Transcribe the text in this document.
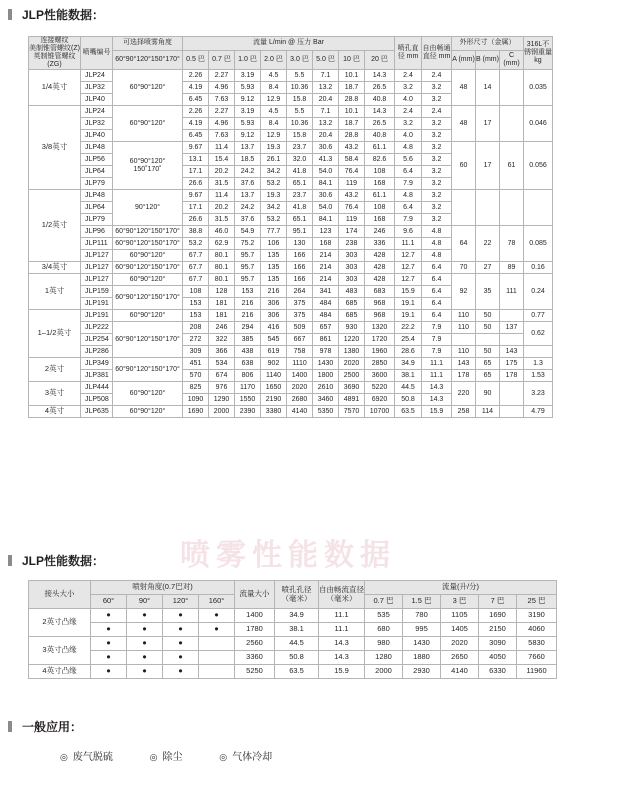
喷雾性能数据
JLP性能数据：
连接螺纹
美制锥管螺纹(Z)
英制锥管螺纹(ZG)	喷嘴编号	可选择喷雾角度	流量 L/min @ 压力 Bar								喷孔直径 mm	自由畅通直径 mm	外形尺寸（金属）			316L不锈钢重量 kg
		60°90°120°150°170°	0.5 巴	0.7 巴	1.0 巴	2.0 巴	3.0 巴	5.0 巴	10 巴	20 巴			A (mm)	B (mm)	C (mm)	
1/4英寸	JLP24	60°90°120°	2.26	2.27	3.19	4.5	5.5	7.1	10.1	14.3	2.4	2.4	48	14		0.035
	JLP32		4.19	4.96	5.93	8.4	10.36	13.2	18.7	26.5	3.2	3.2				
	JLP40		6.45	7.63	9.12	12.9	15.8	20.4	28.8	40.8	4.0	3.2				
3/8英寸	JLP24	60°90°120°	2.26	2.27	3.19	4.5	5.5	7.1	10.1	14.3	2.4	2.4	48	17		0.046
	JLP32		4.19	4.96	5.93	8.4	10.36	13.2	18.7	26.5	3.2	3.2				
	JLP40		6.45	7.63	9.12	12.9	15.8	20.4	28.8	40.8	4.0	3.2				
	JLP48	60°90°120°
150˚170˚	9.67	11.4	13.7	19.3	23.7	30.6	43.2	61.1	4.8	3.2	60	17	61	0.056
	JLP56		13.1	15.4	18.5	26.1	32.0	41.3	58.4	82.6	5.6	3.2				
	JLP64		17.1	20.2	24.2	34.2	41.8	54.0	76.4	108	6.4	3.2				
	JLP79		26.6	31.5	37.6	53.2	65.1	84.1	119	168	7.9	3.2				
1/2英寸	JLP48	90°120°	9.67	11.4	13.7	19.3	23.7	30.6	43.2	61.1	4.8	3.2				
	JLP64		17.1	20.2	24.2	34.2	41.8	54.0	76.4	108	6.4	3.2				
	JLP79		26.6	31.5	37.6	53.2	65.1	84.1	119	168	7.9	3.2				
	JLP96	60°90°120°150°170°	38.8	46.0	54.9	77.7	95.1	123	174	246	9.6	4.8	64	22	78	0.085
	JLP111	60°90°120°150°170°	53.2	62.9	75.2	106	130	168	238	336	11.1	4.8				
	JLP127	60°90°120°	67.7	80.1	95.7	135	166	214	303	428	12.7	4.8				
3/4英寸	JLP127	60°90°120°150°170°	67.7	80.1	95.7	135	166	214	303	428	12.7	6.4	70	27	89	0.16
1英寸	JLP127	60°90°120°	67.7	80.1	95.7	135	166	214	303	428	12.7	6.4	92	35	111	0.24
	JLP159	60°90°120°150°170°	108	128	153	216	264	341	483	683	15.9	6.4				
	JLP191		153	181	216	306	375	484	685	968	19.1	6.4				
1–1/2英寸	JLP191	60°90°120°	153	181	216	306	375	484	685	968	19.1	6.4	110	50		0.77
	JLP222	60°90°120°150°170°	208	246	294	416	509	657	930	1320	22.2	7.9	110	50	137	0.62
	JLP254		272	322	385	545	667	861	1220	1720	25.4	7.9				
	JLP286		309	366	438	619	758	978	1380	1960	28.6	7.9	110	50	143	
2英寸	JLP349	60°90°120°150°170°	451	534	638	902	1110	1430	2020	2850	34.9	11.1	143	65	175	1.3
	JLP381		570	674	806	1140	1400	1800	2500	3600	38.1	11.1	178	65	178	1.53
3英寸	JLP444	60°90°120°	825	976	1170	1650	2020	2610	3690	5220	44.5	14.3	220	90		3.23
	JLP508		1090	1290	1550	2190	2680	3460	4891	6920	50.8	14.3				
4英寸	JLP635	60°90°120°	1690	2000	2390	3380	4140	5350	7570	10700	63.5	15.9	258	114		4.79
JLP性能数据：
接头大小	喷射角度(0.7巴对)				流量大小	喷孔孔径（毫米）	自由畅流直径（毫米）	流量(升/分)				
	60°	90°	120°	160°				0.7 巴	1.5 巴	3 巴	7 巴	25 巴
2英寸凸缘	●	●	●	●	1400	34.9	11.1	535	780	1105	1690	3190
	●	●	●	●	1780	38.1	11.1	680	995	1405	2150	4060
3英寸凸缘	●	●	●		2560	44.5	14.3	980	1430	2020	3090	5830
	●	●	●		3360	50.8	14.3	1280	1880	2650	4050	7660
4英寸凸缘	●	●	●		5250	63.5	15.9	2000	2930	4140	6330	11960
一般应用：
◎ 废气脱硫	◎ 除尘	◎ 气体冷却
